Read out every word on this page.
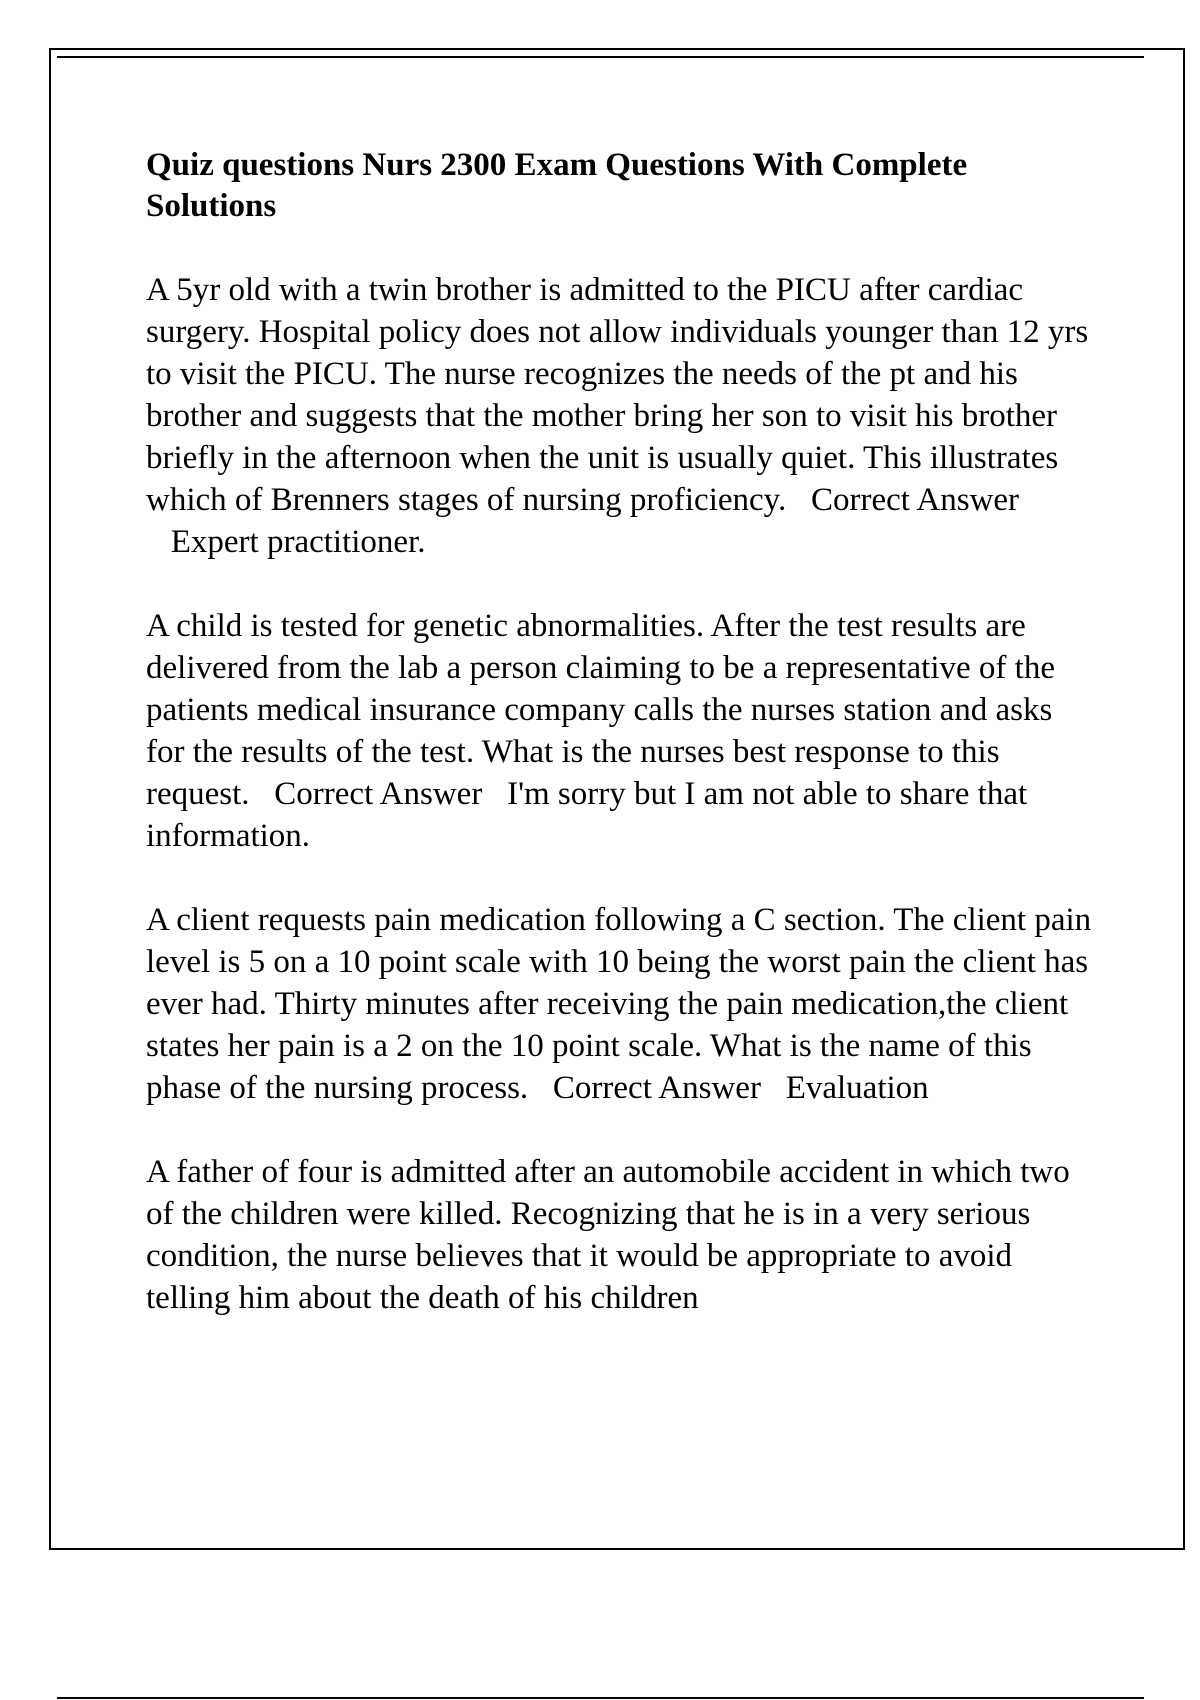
Quiz questions Nurs 2300 Exam Questions With Complete Solutions

A 5yr old with a twin brother is admitted to the PICU after cardiac surgery. Hospital policy does not allow individuals younger than 12 yrs to visit the PICU. The nurse recognizes the needs of the pt and his brother and suggests that the mother bring her son to visit his brother briefly in the afternoon when the unit is usually quiet. This illustrates which of Brenners stages of nursing proficiency. Correct Answer   Expert practitioner.

A child is tested for genetic abnormalities. After the test results are delivered from the lab a person claiming to be a representative of the patients medical insurance company calls the nurses station and asks for the results of the test. What is the nurses best response to this request. Correct Answer I'm sorry but I am not able to share that information.

A client requests pain medication following a C section. The client pain level is 5 on a 10 point scale with 10 being the worst pain the client has ever had. Thirty minutes after receiving the pain medication,the client states her pain is a 2 on the 10 point scale. What is the name of this phase of the nursing process. Correct Answer Evaluation

A father of four is admitted after an automobile accident in which two of the children were killed. Recognizing that he is in a very serious condition, the nurse believes that it would be appropriate to avoid telling him about the death of his children
